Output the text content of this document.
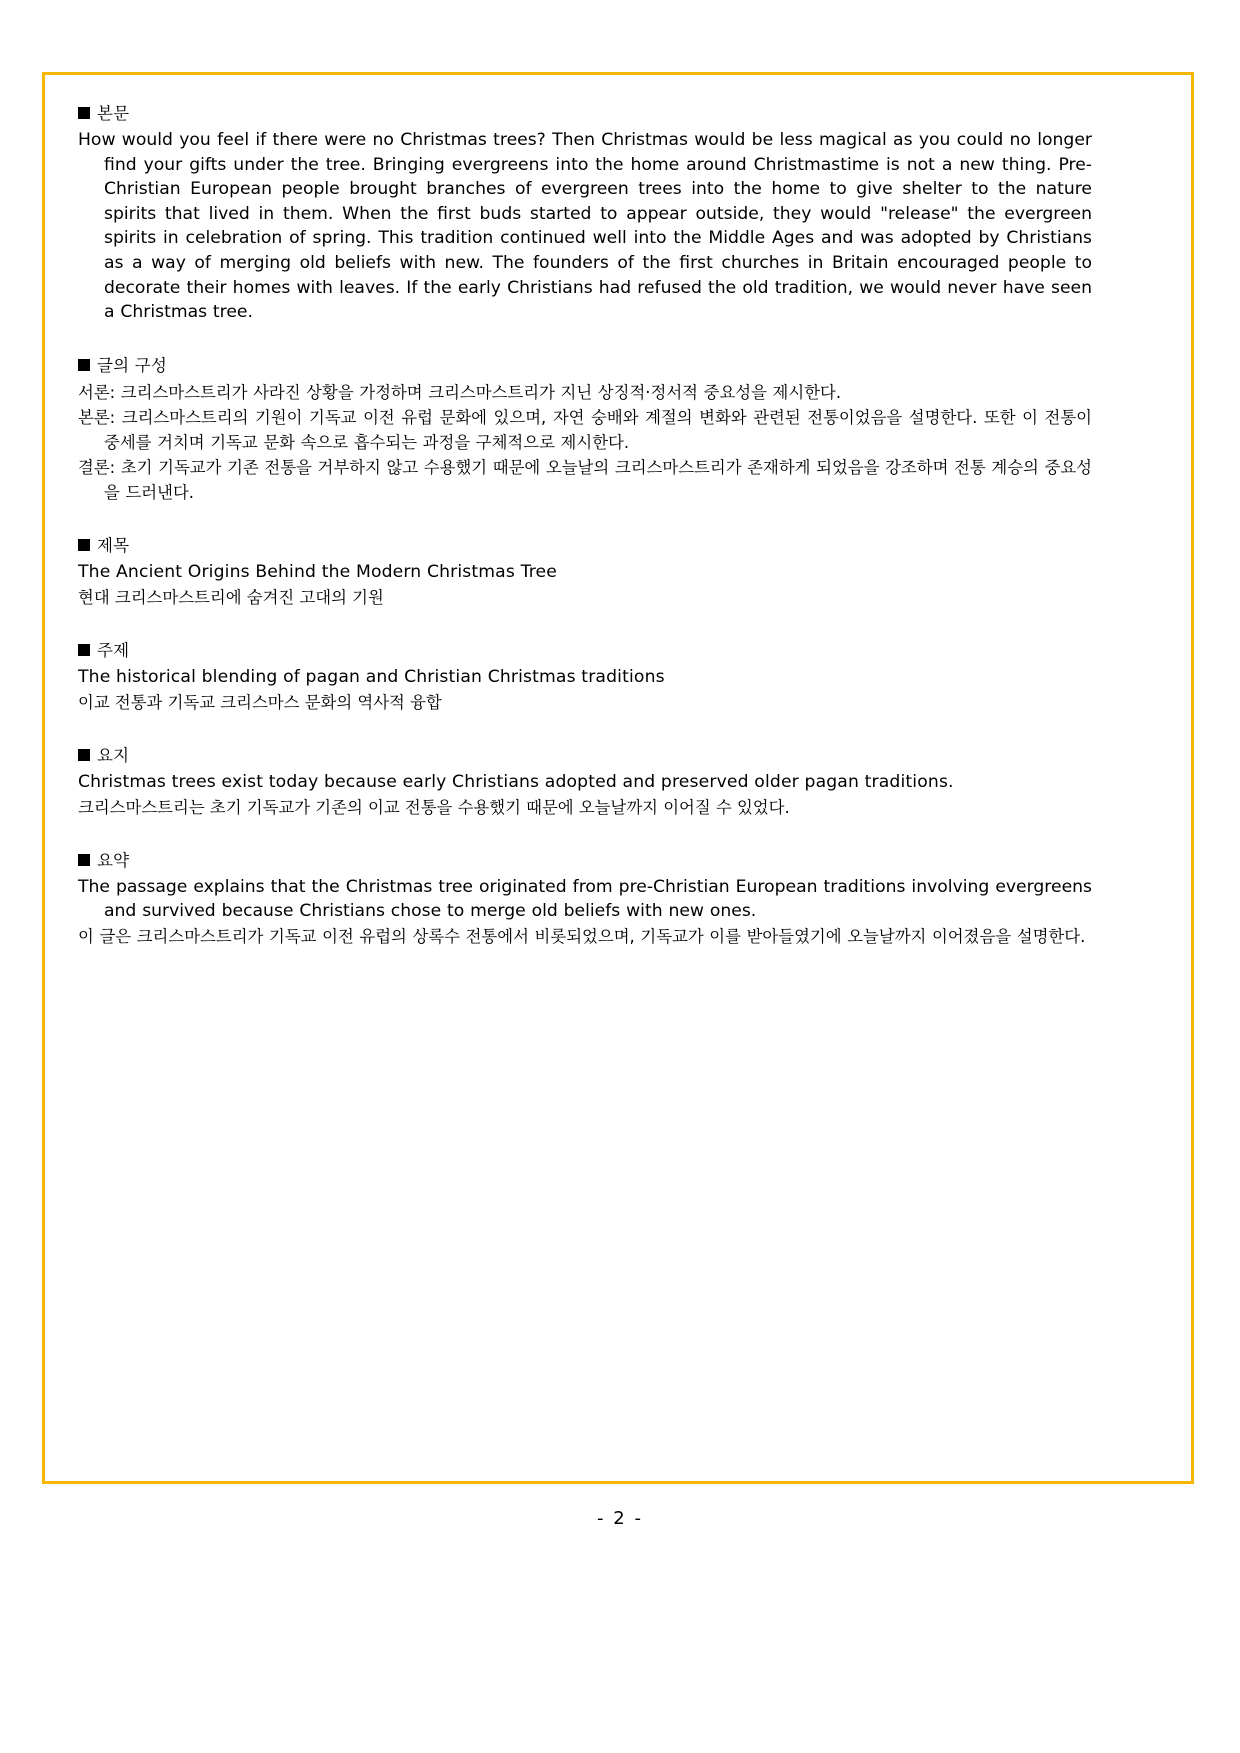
본문

How would you feel if there were no Christmas trees? Then Christmas would be less magical as you could no longer find your gifts under the tree. Bringing evergreens into the home around Christmastime is not a new thing. Pre-Christian European people brought branches of evergreen trees into the home to give shelter to the nature spirits that lived in them. When the first buds started to appear outside, they would "release" the evergreen spirits in celebration of spring. This tradition continued well into the Middle Ages and was adopted by Christians as a way of merging old beliefs with new. The founders of the first churches in Britain encouraged people to decorate their homes with leaves. If the early Christians had refused the old tradition, we would never have seen a Christmas tree.

글의 구성

서론: 크리스마스트리가 사라진 상황을 가정하며 크리스마스트리가 지닌 상징적·정서적 중요성을 제시한다.

본론: 크리스마스트리의 기원이 기독교 이전 유럽 문화에 있으며, 자연 숭배와 계절의 변화와 관련된 전통이었음을 설명한다. 또한 이 전통이 중세를 거치며 기독교 문화 속으로 흡수되는 과정을 구체적으로 제시한다.

결론: 초기 기독교가 기존 전통을 거부하지 않고 수용했기 때문에 오늘날의 크리스마스트리가 존재하게 되었음을 강조하며 전통 계승의 중요성을 드러낸다.

제목

The Ancient Origins Behind the Modern Christmas Tree

현대 크리스마스트리에 숨겨진 고대의 기원

주제

The historical blending of pagan and Christian Christmas traditions

이교 전통과 기독교 크리스마스 문화의 역사적 융합

요지

Christmas trees exist today because early Christians adopted and preserved older pagan traditions.

크리스마스트리는 초기 기독교가 기존의 이교 전통을 수용했기 때문에 오늘날까지 이어질 수 있었다.

요약

The passage explains that the Christmas tree originated from pre-Christian European traditions involving evergreens and survived because Christians chose to merge old beliefs with new ones.

이 글은 크리스마스트리가 기독교 이전 유럽의 상록수 전통에서 비롯되었으며, 기독교가 이를 받아들였기에 오늘날까지 이어졌음을 설명한다.

- 2 -
